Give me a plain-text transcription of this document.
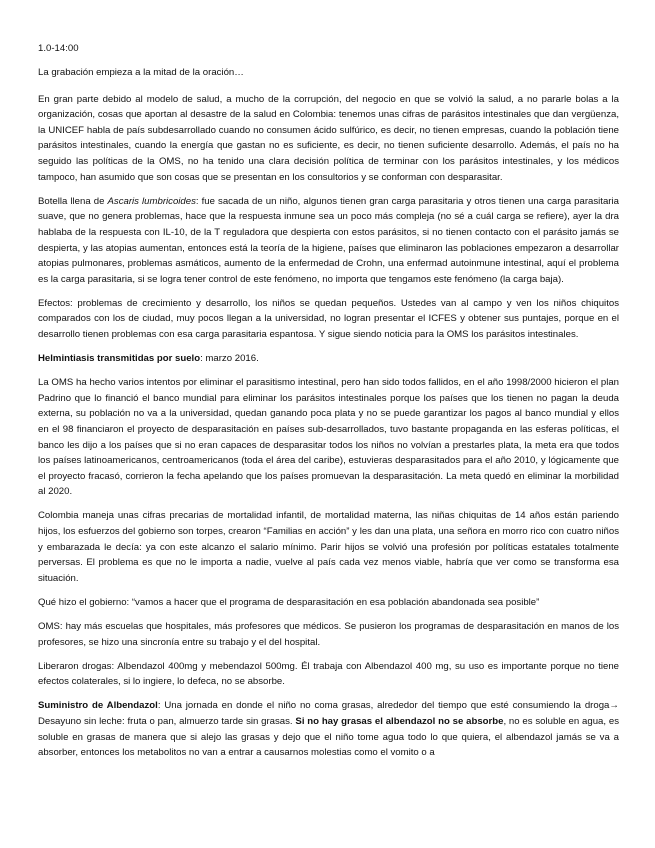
1.0-14:00

La grabación empieza a la mitad de la oración…

En gran parte debido al modelo de salud, a mucho de la corrupción, del negocio en que se volvió la salud, a no pararle bolas a la organización, cosas que aportan al desastre de la salud en Colombia: tenemos unas cifras de parásitos intestinales que dan vergüenza, la UNICEF habla de país subdesarrollado cuando no consumen ácido sulfúrico, es decir, no tienen empresas, cuando la población tiene parásitos intestinales, cuando la energía que gastan no es suficiente, es decir, no tienen suficiente desarrollo. Además, el país no ha seguido las políticas de la OMS, no ha tenido una clara decisión política de terminar con los parásitos intestinales, y los médicos tampoco, han asumido que son cosas que se presentan en los consultorios y se conforman con desparasitar.

Botella llena de Ascaris lumbricoides: fue sacada de un niño, algunos tienen gran carga parasitaria y otros tienen una carga parasitaria suave, que no genera problemas, hace que la respuesta inmune sea un poco más compleja (no sé a cuál carga se refiere), ayer la dra hablaba de la respuesta con IL-10, de la T reguladora que despierta con estos parásitos, si no tienen contacto con el parásito jamás se despierta, y las atopias aumentan, entonces está la teoría de la higiene, países que eliminaron las poblaciones empezaron a desarrollar atopias pulmonares, problemas asmáticos, aumento de la enfermedad de Crohn, una enfermad autoinmune intestinal, aquí el problema es la carga parasitaria, si se logra tener control de este fenómeno, no importa que tengamos este fenómeno (la carga baja).

Efectos: problemas de crecimiento y desarrollo, los niños se quedan pequeños. Ustedes van al campo y ven los niños chiquitos comparados con los de ciudad, muy pocos llegan a la universidad, no logran presentar el ICFES y obtener sus puntajes, porque en el desarrollo tienen problemas con esa carga parasitaria espantosa. Y sigue siendo noticia para la OMS los parásitos intestinales.

Helmintiasis transmitidas por suelo: marzo 2016.

La OMS ha hecho varios intentos por eliminar el parasitismo intestinal, pero han sido todos fallidos, en el año 1998/2000 hicieron el plan Padrino que lo financió el banco mundial para eliminar los parásitos intestinales porque los países que los tienen no pagan la deuda externa, su población no va a la universidad, quedan ganando poca plata y no se puede garantizar los pagos al banco mundial y ellos en el 98 financiaron el proyecto de desparasitación en países sub-desarrollados, tuvo bastante propaganda en las esferas políticas, el banco les dijo a los países que si no eran capaces de desparasitar todos los niños no volvían a prestarles plata, la meta era que todos los países latinoamericanos, centroamericanos (toda el área del caribe), estuvieras desparasitados para el año 2010, y lógicamente que el proyecto fracasó, corrieron la fecha apelando que los países promuevan la desparasitación. La meta quedó en eliminar la morbilidad al 2020.

Colombia maneja unas cifras precarias de mortalidad infantil, de mortalidad materna, las niñas chiquitas de 14 años están pariendo hijos, los esfuerzos del gobierno son torpes, crearon “Familias en acción” y les dan una plata, una señora en morro rico con cuatro niños y embarazada le decía: ya con este alcanzo el salario mínimo. Parir hijos se volvió una profesión por políticas estatales totalmente perversas. El problema es que no le importa a nadie, vuelve al país cada vez menos viable, habría que ver como se transforma esa situación.

Qué hizo el gobierno: “vamos a hacer que el programa de desparasitación en esa población abandonada sea posible”

OMS: hay más escuelas que hospitales, más profesores que médicos. Se pusieron los programas de desparasitación en manos de los profesores, se hizo una sincronía entre su trabajo y el del hospital.

Liberaron drogas: Albendazol 400mg y mebendazol 500mg. Él trabaja con Albendazol 400 mg, su uso es importante porque no tiene efectos colaterales, si lo ingiere, lo defeca, no se absorbe.

Suministro de Albendazol: Una jornada en donde el niño no coma grasas, alrededor del tiempo que esté consumiendo la droga→ Desayuno sin leche: fruta o pan, almuerzo tarde sin grasas. Si no hay grasas el albendazol no se absorbe, no es soluble en agua, es soluble en grasas de manera que si alejo las grasas y dejo que el niño tome agua todo lo que quiera, el albendazol jamás se va a absorber, entonces los metabolitos no van a entrar a causarnos molestias como el vomito o a
